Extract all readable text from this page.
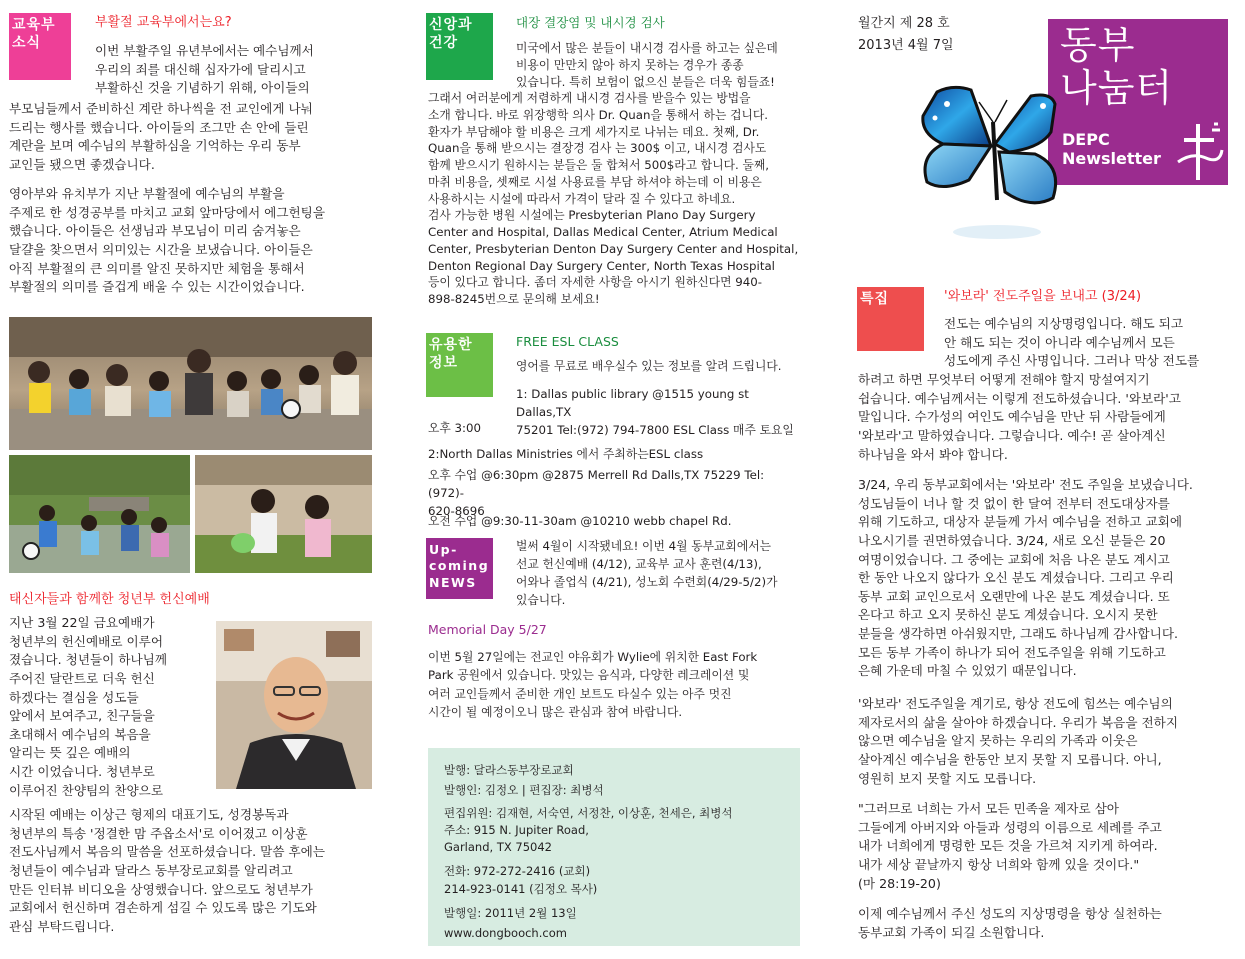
교육부
소식
부활절 교육부에서는요?
이번 부활주일 유년부에서는 예수님께서
우리의 죄를 대신해 십자가에 달리시고
부활하신 것을 기념하기 위해, 아이들의
부모님들께서 준비하신 계란 하나씩을 전 교인에게 나눠
드리는 행사를 했습니다. 아이들의 조그만 손 안에 들린
계란을 보며 예수님의 부활하심을 기억하는 우리 동부
교인들 됐으면 좋겠습니다.
영아부와 유치부가 지난 부활절에 예수님의 부활을
주제로 한 성경공부를 마치고 교회 앞마당에서 에그헌팅을
했습니다. 아이들은 선생님과 부모님이 미리 숨겨놓은
달걀을 찾으면서 의미있는 시간을 보냈습니다. 아이들은
아직 부활절의 큰 의미를 알진 못하지만 체험을 통해서
부활절의 의미를 즐겁게 배울 수 있는 시간이었습니다.
태신자들과 함께한 청년부 헌신예배
지난 3월 22일 금요예배가
청년부의 헌신예배로 이루어
졌습니다. 청년들이 하나님께
주어진 달란트로 더욱 헌신
하겠다는 결심을 성도들
앞에서 보여주고, 친구들을
초대해서 예수님의 복음을
알리는 뜻 깊은 예배의
시간 이었습니다. 청년부로
이루어진 찬양팀의 찬양으로
시작된 예배는 이상근 형제의 대표기도, 성경봉독과
청년부의 특송 '정결한 맘 주옵소서'로 이어졌고 이상훈
전도사님께서 복음의 말씀을 선포하셨습니다. 말씀 후에는
청년들이 예수님과 달라스 동부장로교회를 알리려고
만든 인터뷰 비디오을 상영했습니다. 앞으로도 청년부가
교회에서 헌신하며 겸손하게 섬길 수 있도록 많은 기도와
관심 부탁드립니다.
신앙과
건강
대장 결장염 및 내시경 검사
미국에서 많은 분들이 내시경 검사를 하고는 싶은데
비용이 만만치 않아 하지 못하는 경우가 종종
있습니다. 특히 보험이 없으신 분들은 더욱 힘들죠!
그래서 여러분에게 저렴하게 내시경 검사를 받을수 있는 방법을
소개 합니다. 바로 위장행학 의사 Dr. Quan을 통해서 하는 겁니다.
환자가 부담해야 할 비용은 크게 세가지로 나뉘는 데요. 첫째, Dr.
Quan을 통해 받으시는 결장경 검사 는 300$ 이고, 내시경 검사도
함께 받으시기 원하시는 분들은 둘 합쳐서 500$라고 합니다. 둘째,
마취 비용을, 셋째로 시설 사용료를 부담 하셔야 하는데 이 비용은
사용하시는 시설에 따라서 가격이 달라 질 수 있다고 하네요.
검사 가능한 병원 시설에는 Presbyterian Plano Day Surgery
Center and Hospital, Dallas Medical Center, Atrium Medical
Center, Presbyterian Denton Day Surgery Center and Hospital,
Denton Regional Day Surgery Center, North Texas Hospital
등이 있다고 합니다. 좀더 자세한 사항을 아시기 원하신다면 940-
898-8245번으로 문의해 보세요!
유용한
정보
FREE ESL CLASS
영어를 무료로 배우실수 있는 정보를 알려 드립니다.
1: Dallas public library @1515 young st Dallas,TX
75201 Tel:(972) 794-7800 ESL Class 매주 토요일
오후 3:00
2:North Dallas Ministries 에서 주최하는ESL class
오후 수업 @6:30pm @2875 Merrell Rd Dalls,TX 75229 Tel:(972)-
620-8696
오전 수업 @9:30-11-30am @10210 webb chapel Rd.
Up-
coming
NEWS
벌써 4월이 시작됐네요! 이번 4월 동부교회에서는
선교 헌신예배 (4/12), 교육부 교사 훈련(4/13),
어와나 졸업식 (4/21), 성노회 수련회(4/29-5/2)가
있습니다.
Memorial Day 5/27
이번 5월 27일에는 전교인 야유회가 Wylie에 위치한 East Fork
Park 공원에서 있습니다. 맛있는 음식과, 다양한 레크레이션 및
여러 교인들께서 준비한 개인 보트도 타실수 있는 아주 멋진
시간이 될 예정이오니 많은 관심과 참여 바랍니다.
발행: 달라스동부장로교회
발행인: 김정오 | 편집장: 최병석
편집위원: 김재현, 서숙연, 서정찬, 이상훈, 천세은, 최병석
주소: 915 N. Jupiter Road,
Garland, TX 75042
전화: 972-272-2416 (교회)
214-923-0141 (김정오 목사)
발행일: 2011년 2월 13일
www.dongbooch.com
월간지 제 28 호
2013년 4월 7일	동부
나눔터
DEPC
Newsletter
특집	'와보라' 전도주일을 보내고 (3/24)
전도는 예수님의 지상명령입니다. 해도 되고
안 해도 되는 것이 아니라 예수님께서 모든
성도에게 주신 사명입니다. 그러나 막상 전도를
하려고 하면 무엇부터 어떻게 전해야 할지 망설여지기
쉽습니다. 예수님께서는 이렇게 전도하셨습니다. '와보라'고
말입니다. 수가성의 여인도 예수님을 만난 뒤 사람들에게
'와보라'고 말하였습니다. 그렇습니다. 예수! 곧 살아계신
하나님을 와서 봐야 합니다.
3/24, 우리 동부교회에서는 '와보라' 전도 주일을 보냈습니다.
성도님들이 너나 할 것 없이 한 달여 전부터 전도대상자를
위해 기도하고, 대상자 분들께 가서 예수님을 전하고 교회에
나오시기를 권면하였습니다. 3/24, 새로 오신 분들은 20
여명이었습니다. 그 중에는 교회에 처음 나온 분도 계시고
한 동안 나오지 않다가 오신 분도 계셨습니다. 그리고 우리
동부 교회 교인으로서 오랜만에 나온 분도 계셨습니다. 또
온다고 하고 오지 못하신 분도 계셨습니다. 오시지 못한
분들을 생각하면 아쉬웠지만, 그래도 하나님께 감사합니다.
모든 동부 가족이 하나가 되어 전도주일을 위해 기도하고
은혜 가운데 마칠 수 있었기 때문입니다.
'와보라' 전도주일을 계기로, 항상 전도에 힘쓰는 예수님의
제자로서의 삶을 살아야 하겠습니다. 우리가 복음을 전하지
않으면 예수님을 알지 못하는 우리의 가족과 이웃은
살아계신 예수님을 한동안 보지 못할 지 모릅니다. 아니,
영원히 보지 못할 지도 모릅니다.
"그러므로 너희는 가서 모든 민족을 제자로 삼아
그들에게 아버지와 아들과 성령의 이름으로 세례를 주고
내가 너희에게 명령한 모든 것을 가르쳐 지키게 하여라.
내가 세상 끝날까지 항상 너희와 함께 있을 것이다."
(마 28:19-20)
이제 예수님께서 주신 성도의 지상명령을 항상 실천하는
동부교회 가족이 되길 소원합니다.
